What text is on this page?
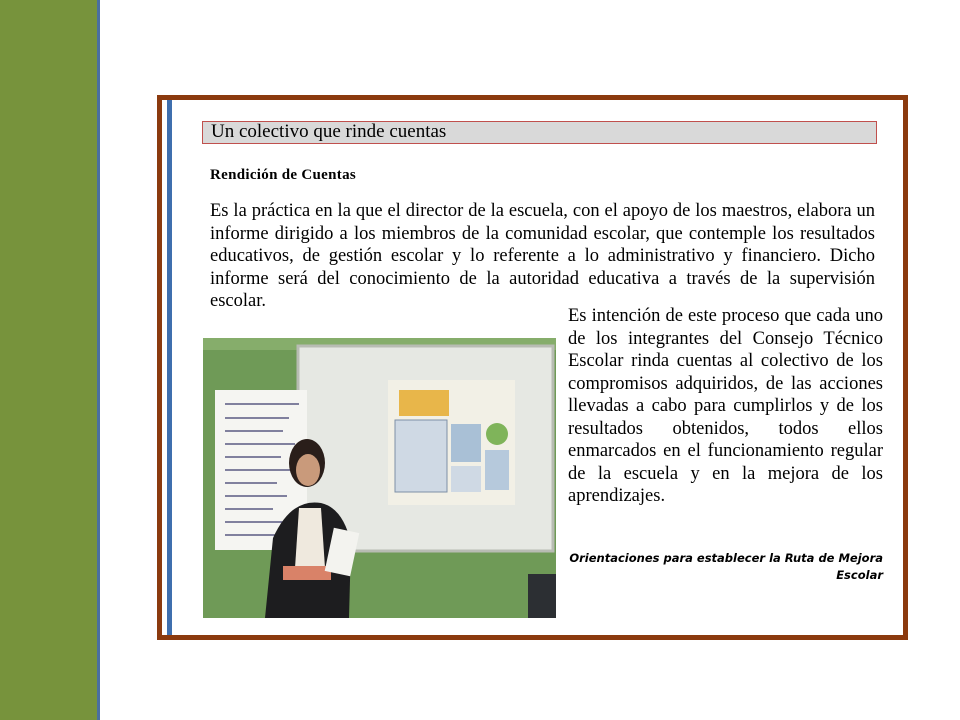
Un colectivo que rinde cuentas
Rendición de Cuentas

Es la práctica en la que el director de la escuela, con el apoyo de los maestros, elabora un informe dirigido a los miembros de la comunidad escolar, que contemple los resultados educativos, de gestión escolar y lo referente a lo administrativo y financiero. Dicho informe será del conocimiento de la autoridad educativa a través de la supervisión escolar.

Es intención de este proceso que cada uno de los integrantes del Consejo Técnico Escolar rinda cuentas al colectivo de los compromisos adquiridos, de las acciones llevadas a cabo para cumplirlos y de los resultados obtenidos, todos ellos enmarcados en el funcionamiento regular de la escuela y en la mejora de los aprendizajes.

Orientaciones para establecer la Ruta de Mejora Escolar
